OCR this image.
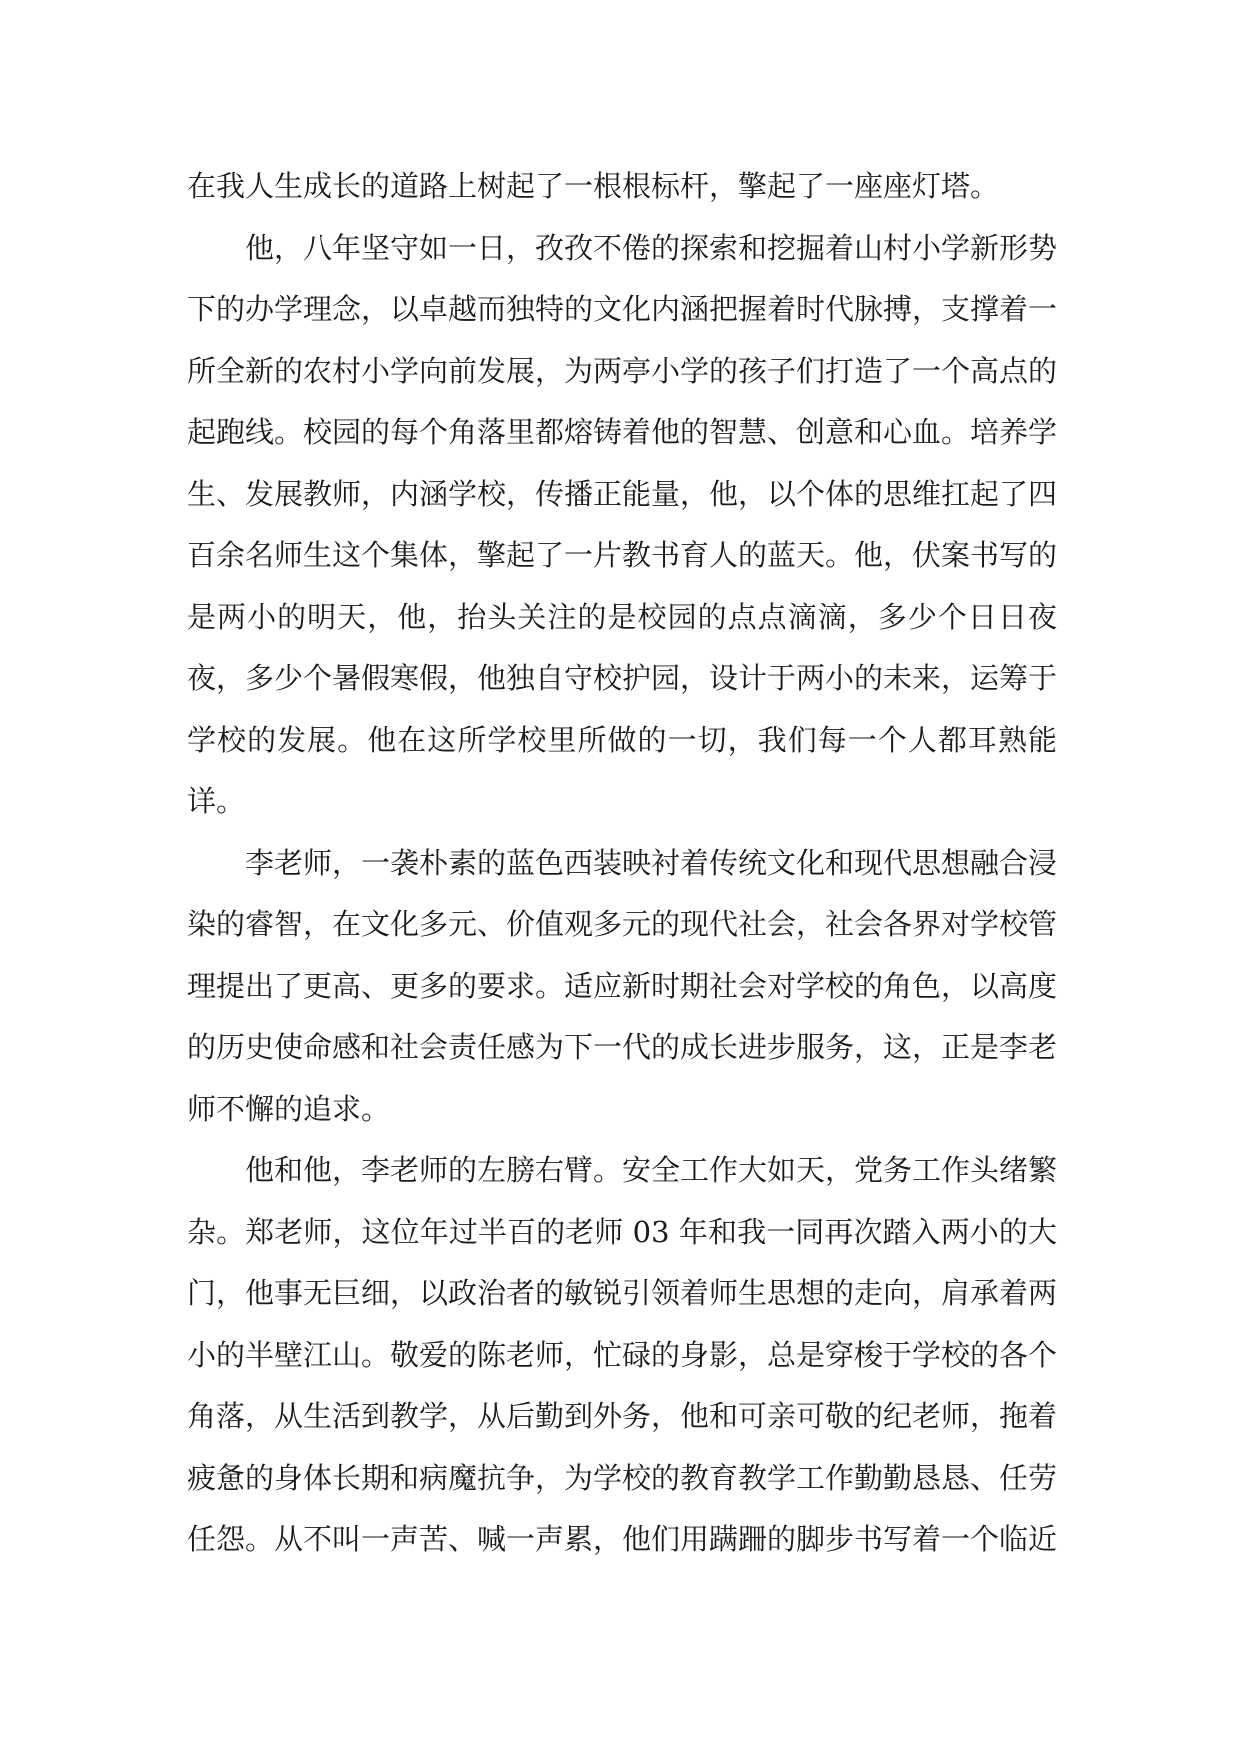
在我人生成长的道路上树起了一根根标杆，擎起了一座座灯塔。

他，八年坚守如一日，孜孜不倦的探索和挖掘着山村小学新形势下的办学理念，以卓越而独特的文化内涵把握着时代脉搏，支撑着一所全新的农村小学向前发展，为两亭小学的孩子们打造了一个高点的起跑线。校园的每个角落里都熔铸着他的智慧、创意和心血。培养学生、发展教师，内涵学校，传播正能量，他，以个体的思维扛起了四百余名师生这个集体，擎起了一片教书育人的蓝天。他，伏案书写的是两小的明天，他，抬头关注的是校园的点点滴滴，多少个日日夜夜，多少个暑假寒假，他独自守校护园，设计于两小的未来，运筹于学校的发展。他在这所学校里所做的一切，我们每一个人都耳熟能详。

李老师，一袭朴素的蓝色西装映衬着传统文化和现代思想融合浸染的睿智，在文化多元、价值观多元的现代社会，社会各界对学校管理提出了更高、更多的要求。适应新时期社会对学校的角色，以高度的历史使命感和社会责任感为下一代的成长进步服务，这，正是李老师不懈的追求。

他和他，李老师的左膀右臂。安全工作大如天，党务工作头绪繁杂。郑老师，这位年过半百的老师 03 年和我一同再次踏入两小的大门，他事无巨细，以政治者的敏锐引领着师生思想的走向，肩承着两小的半壁江山。敬爱的陈老师，忙碌的身影，总是穿梭于学校的各个角落，从生活到教学，从后勤到外务，他和可亲可敬的纪老师，拖着疲惫的身体长期和病魔抗争，为学校的教育教学工作勤勤恳恳、任劳任怨。从不叫一声苦、喊一声累，他们用蹒跚的脚步书写着一个临近
